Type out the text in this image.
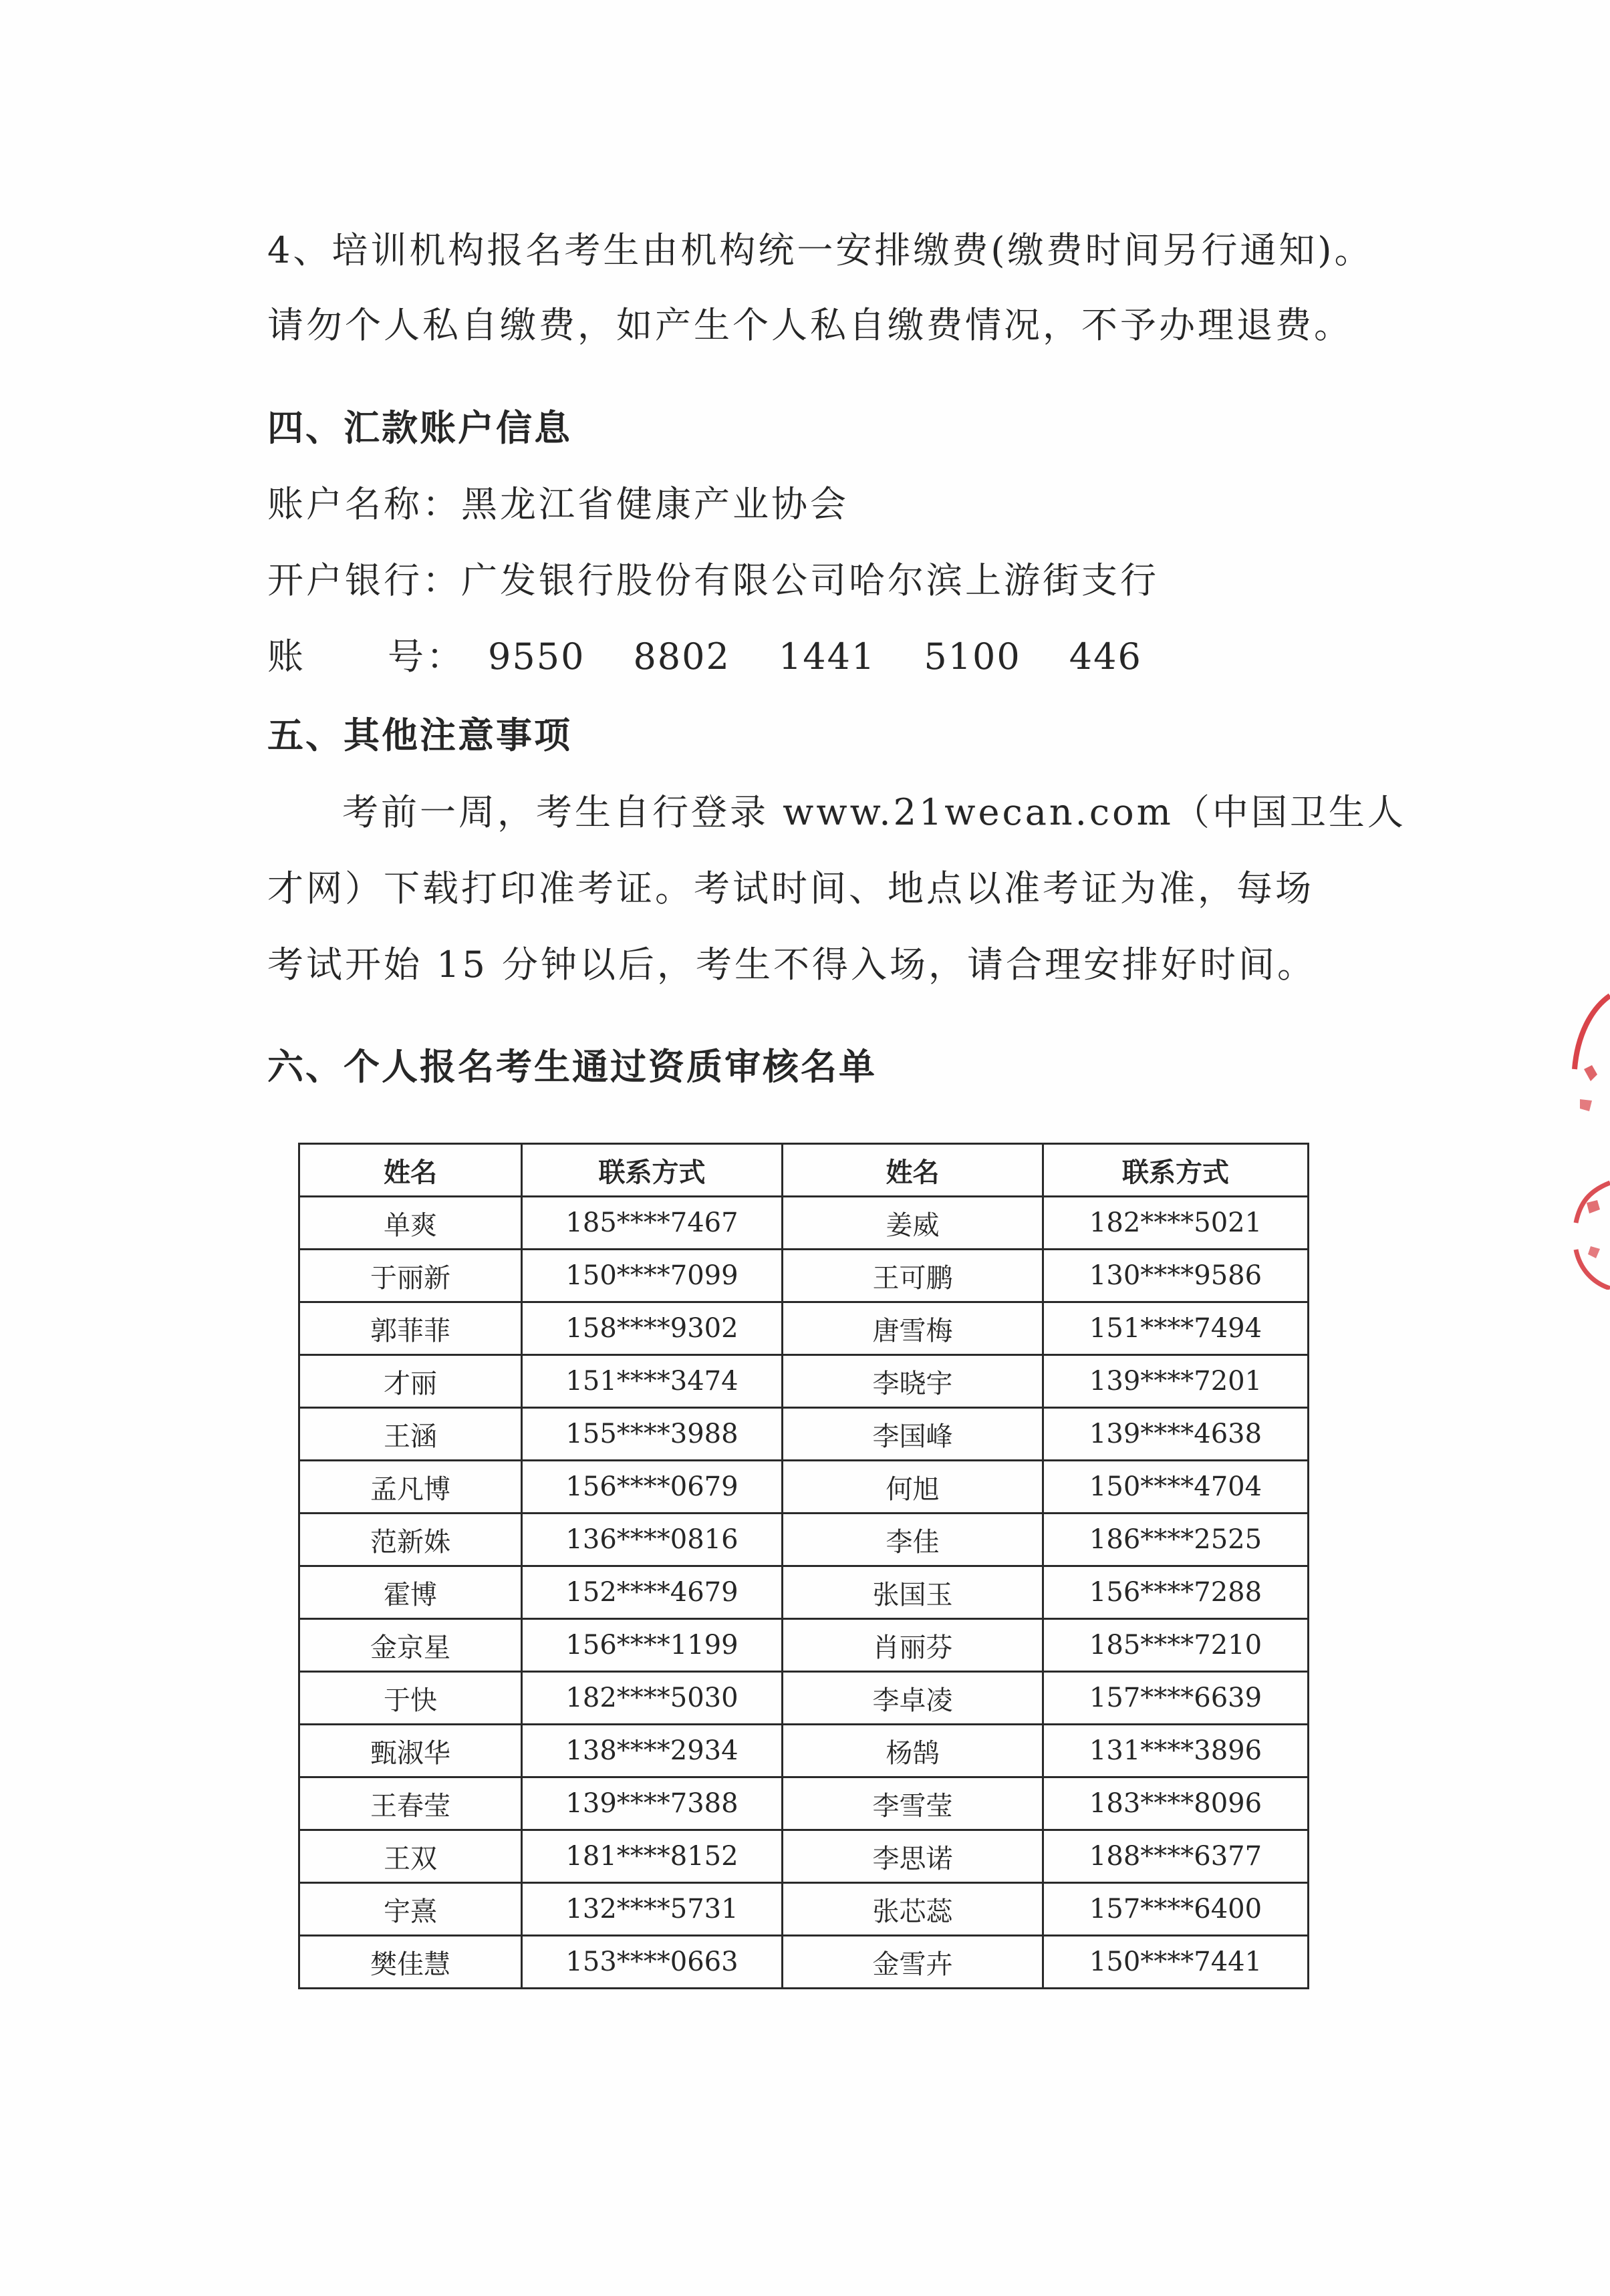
4、培训机构报名考生由机构统一安排缴费(缴费时间另行通知)。
请勿个人私自缴费，如产生个人私自缴费情况，不予办理退费。
四、汇款账户信息
账户名称：黑龙江省健康产业协会
开户银行：广发银行股份有限公司哈尔滨上游街支行
账 号： 9550 8802 1441 5100 446
五、其他注意事项
考前一周，考生自行登录 www.21wecan.com（中国卫生人
才网）下载打印准考证。考试时间、地点以准考证为准，每场
考试开始 15 分钟以后，考生不得入场，请合理安排好时间。
六、个人报名考生通过资质审核名单
姓名	联系方式	姓名	联系方式
单爽	185****7467	姜威	182****5021
于丽新	150****7099	王可鹏	130****9586
郭菲菲	158****9302	唐雪梅	151****7494
才丽	151****3474	李晓宇	139****7201
王涵	155****3988	李国峰	139****4638
孟凡博	156****0679	何旭	150****4704
范新姝	136****0816	李佳	186****2525
霍博	152****4679	张国玉	156****7288
金京星	156****1199	肖丽芬	185****7210
于快	182****5030	李卓凌	157****6639
甄淑华	138****2934	杨鹄	131****3896
王春莹	139****7388	李雪莹	183****8096
王双	181****8152	李思诺	188****6377
宇熹	132****5731	张芯蕊	157****6400
樊佳慧	153****0663	金雪卉	150****7441
